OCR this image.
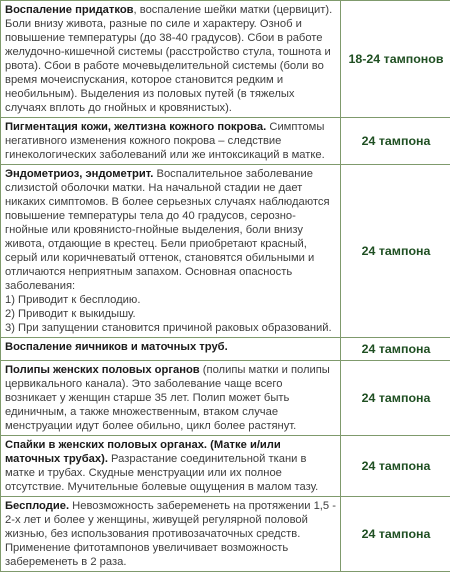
Воспаление придатков, воспаление шейки матки (цервицит). Боли внизу живота, разные по силе и характеру. Озноб и повышение температуры (до 38-40 градусов). Сбои в работе желудочно-кишечной системы (расстройство стула, тошнота и рвота). Сбои в работе мочевыделительной системы (боли во время мочеиспускания, которое становится редким и необильным). Выделения из половых путей (в тяжелых случаях вплоть до гнойных и кровянистых).	18-24 тампонов
Пигментация кожи, желтизна кожного покрова. Симптомы негативного изменения кожного покрова – следствие гинекологических заболеваний или же интоксикаций в матке.	24 тампона
Эндометриоз, эндометрит. Воспалительное заболевание слизистой оболочки матки. На начальной стадии не дает никаких симптомов. В более серьезных случаях наблюдаются повышение температуры тела до 40 градусов, серозно-гнойные или кровянисто-гнойные выделения, боли внизу живота, отдающие в крестец. Бели приобретают красный, серый или коричневатый оттенок, становятся обильными и отличаются неприятным запахом. Основная опасность заболевания:
1) Приводит к бесплодию.
2) Приводит к выкидышу.
3) При запущении становится причиной раковых образований.	24 тампона
Воспаление яичников и маточных труб.	24 тампона
Полипы женских половых органов (полипы матки и полипы цервикального канала). Это заболевание чаще всего возникает у женщин старше 35 лет. Полип может быть единичным, а также множественным, втаком случае менструации идут более обильно, цикл более растянут.	24 тампона
Спайки в женских половых органах. (Матке и/или маточных трубах). Разрастание соединительной ткани в матке и трубах. Скудные менструации или их полное отсутствие. Мучительные болевые ощущения в малом тазу.	24 тампона
Бесплодие. Невозможность забеременеть на протяжении 1,5 - 2-х лет и более у женщины, живущей регулярной половой жизнью, без использования противозачаточных средств. Применение фитотампонов увеличивает возможность забеременеть в 2 раза.	24 тампона
